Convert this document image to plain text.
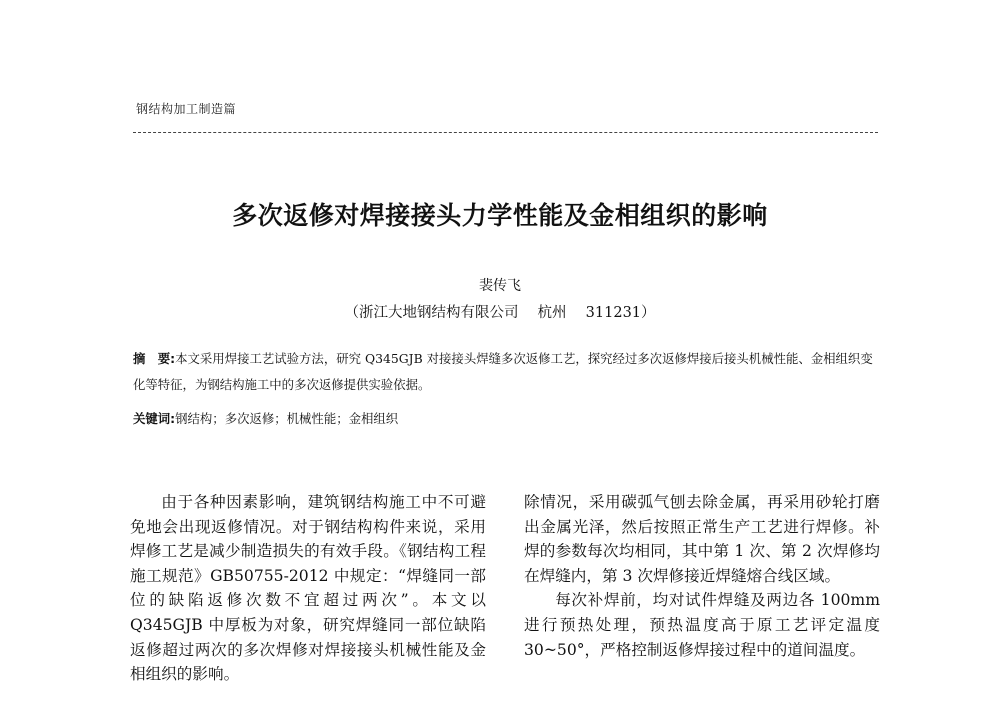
钢结构加工制造篇
多次返修对焊接接头力学性能及金相组织的影响
裴传飞
（浙江大地钢结构有限公司　 杭州　 311231）
摘　要:本文采用焊接工艺试验方法，研究 Q345GJB 对接接头焊缝多次返修工艺，探究经过多次返修焊接后接头机械性能、金相组织变化等特征，为钢结构施工中的多次返修提供实验依据。
关键词:钢结构；多次返修；机械性能；金相组织

由于各种因素影响，建筑钢结构施工中不可避免地会出现返修情况。对于钢结构构件来说，采用焊修工艺是减少制造损失的有效手段。《钢结构工程施工规范》GB50755-2012 中规定：“焊缝同一部位的缺陷返修次数不宜超过两次”。本文以 Q345GJB 中厚板为对象，研究焊缝同一部位缺陷返修超过两次的多次焊修对焊接接头机械性能及金相组织的影响。

除情况，采用碳弧气刨去除金属，再采用砂轮打磨出金属光泽，然后按照正常生产工艺进行焊修。补焊的参数每次均相同，其中第 1 次、第 2 次焊修均在焊缝内，第 3 次焊修接近焊缝熔合线区域。

每次补焊前，均对试件焊缝及两边各 100mm 进行预热处理，预热温度高于原工艺评定温度 30~50°，严格控制返修焊接过程中的道间温度。
